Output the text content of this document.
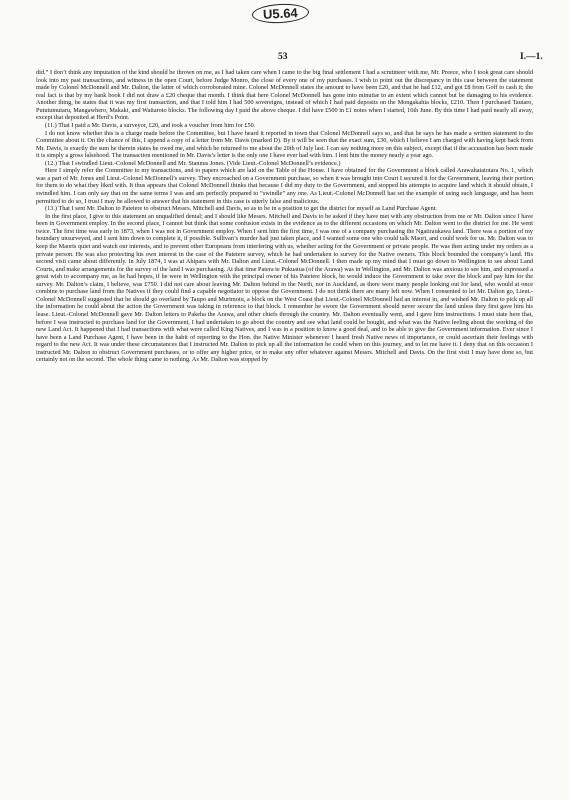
U5.64
53	I.—1.

did.” I don’t think any imputation of the kind should be thrown on me, as I had taken care when I came to the big final settlement I had a scrutineer with me, Mr. Preece, who I took great care should look into my past transactions, and witness in the open Court, before Judge Monro, the close of every one of my purchases. I wish to point out the discrepancy in this case between the statement made by Colonel McDonnell and Mr. Dalton, the latter of which corroborated mine. Colonel McDonnell states the amount to have been £20, and that he had £12, and got £8 from Goff to cash it; the real fact is that by my bank book I did not draw a £20 cheque that month. I think that here Colonel McDonnell has gone into minutiæ to an extent which cannot but be damaging to his evidence. Another thing, he states that it was my first transaction, and that I told him I had 500 sovereigns, instead of which I had paid deposits on the Mongakahia blocks, £210. Then I purchased Tautaro, Pututumutaru, Mangawhero, Makaki, and Waitaroto blocks. The following day I paid the above cheque. I did have £500 in £1 notes when I started, 16th June. By this time I had paid nearly all away, except that deposited at Herd’s Point.

(11.) That I paid a Mr. Davis, a surveyor, £20, and took a voucher from him for £50.

I do not know whether this is a charge made before the Committee, but I have heard it reported in town that Colonel McDonnell says so, and that he says he has made a written statement to the Committee about it. On the chance of this, I append a copy of a letter from Mr. Davis (marked D). By it will be seen that the exact sum, £30, which I believe I am charged with having kept back from Mr. Davis, is exactly the sum he therein states he owed me, and which he returned to me about the 20th of July last. I can say nothing more on this subject, except that if the accusation has been made it is simply a gross falsehood. The transaction mentioned in Mr. Davis’s letter is the only one I have ever had with him. I lent him the money nearly a year ago.

(12.) That I swindled Lieut.-Colonel McDonnell and Mr. Stannus Jones. (Vide Lieut.-Colonel McDonnell’s evidence.)

Here I simply refer the Committee to my transactions, and to papers which are laid on the Table of the House. I have obtained for the Government a block called Arawahatatotara No. 1, which was a part of Mr. Jones and Lieut.-Colonel McDonnell’s survey. They encroached on a Government purchase, so when it was brought into Court I secured it for the Government, leaving their portion for them to do what they liked with. It thus appears that Colonel McDonnell thinks that because I did my duty to the Government, and stopped his attempts to acquire land which it should obtain, I swindled him. I can only say that on the same terms I was and am perfectly prepared to “swindle” any one. As Lieut.-Colonel McDonnell has set the example of using such language, and has been permitted to do so, I trust I may be allowed to answer that his statement in this case is utterly false and malicious.

(13.) That I sent Mr. Dalton to Patetere to obstruct Messrs. Mitchell and Davis, so as to be in a position to get the district for myself as Land Purchase Agent.

In the first place, I give to this statement an unqualified denial; and I should like Messrs. Mitchell and Davis to be asked if they have met with any obstruction from me or Mr. Dalton since I have been in Government employ. In the second place, I cannot but think that some confusion exists in the evidence as to the different occasions on which Mr. Dalton went to the district for me. He went twice. The first time was early in 1873, when I was not in Government employ. When I sent him the first time, I was one of a company purchasing the Ngatiraukawa land. There was a portion of my boundary unsurveyed, and I sent him down to complete it, if possible. Sullivan’s murder had just taken place, and I wanted some one who could talk Maori, and could work for us. Mr. Dalton was to keep the Maoris quiet and watch our interests, and to prevent other Europeans from interfering with us, whether acting for the Government or private people. He was then acting under my orders as a private person. He was also protecting his own interest in the case of the Patetere survey, which he had undertaken to survey for the Native owners. This block bounded the company’s land. His second visit came about differently. In July 1874, I was at Ahipara with Mr. Dalton and Lieut.-Colonel McDonnell. I then made up my mind that I must go down to Wellington to see about Land Courts, and make arrangements for the survey of the land I was purchasing. At that time Patera te Pukuatua (of the Arawa) was in Wellington, and Mr. Dalton was anxious to see him, and expressed a great wish to accompany me, as he had hopes, if he were in Wellington with the principal owner of his Patetere block, he would induce the Government to take over the block and pay him for the survey. Mr. Dalton’s claim, I believe, was £750. I did not care about leaving Mr. Dalton behind in the North, nor in Auckland, as there were many people looking out for land, who would at once combine to purchase land from the Natives if they could find a capable negotiator to oppose the Government. I do not think there are many left now. When I consented to let Mr. Dalton go, Lieut.-Colonel McDonnell suggested that he should go overland by Taupo and Murimotu, a block on the West Coast that Lieut.-Colonel McDonnell had an interest in, and wished Mr. Dalton to pick up all the information he could about the action the Government was taking in reference to that block. I remember he swore the Government should never secure the land unless they first gave him his lease. Lieut.-Colonel McDonnell gave Mr. Dalton letters to Pakeha the Arawa, and other chiefs through the country. Mr. Dalton eventually went, and I gave him instructions. I must state here that, before I was instructed to purchase land for the Government, I had undertaken to go about the country and see what land could be bought, and what was the Native feeling about the working of the new Land Act. It happened that I had transactions with what were called King Natives, and I was in a position to know a good deal, and to be able to give the Government information. Ever since I have been a Land Purchase Agent, I have been in the habit of reporting to the Hon. the Native Minister whenever I heard fresh Native news of importance, or could ascertain their feelings with regard to the new Act. It was under these circumstances that I instructed Mr. Dalton to pick up all the information he could when on this journey, and to let me have it. I deny that on this occasion I instructed Mr. Dalton to obstruct Government purchases, or to offer any higher price, or to make any offer whatever against Messrs. Mitchell and Davis. On the first visit I may have done so, but certainly not on the second. The whole thing came to nothing. As Mr. Dalton was stopped by
